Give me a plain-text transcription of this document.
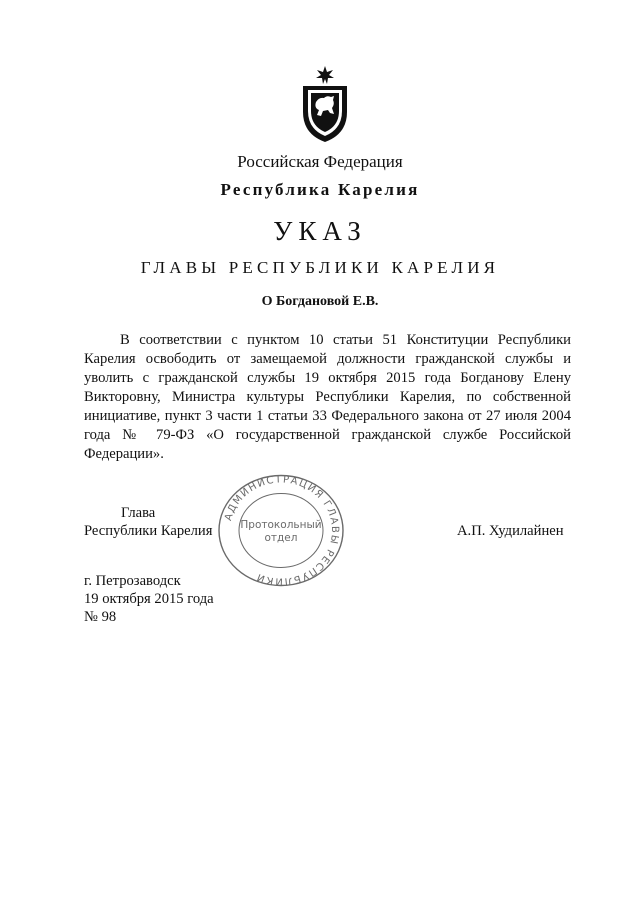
Российская Федерация
Республика Карелия
УКАЗ
ГЛАВЫ РЕСПУБЛИКИ КАРЕЛИЯ
О Богдановой Е.В.

В соответствии с пунктом 10 статьи 51 Конституции Республики Карелия освободить от замещаемой должности гражданской службы и уволить с гражданской службы 19 октября 2015 года Богданову Елену Викторовну, Министра культуры Республики Карелия, по собственной инициативе, пункт 3 части 1 статьи 33 Федерального закона от 27 июля 2004 года № 79-ФЗ «О государственной гражданской службе Российской Федерации».

Глава
Республики Карелия	А.П. Худилайнен
АДМИНИСТРАЦИЯ ГЛАВЫ РЕСПУБЛИКИ
Протокольный
отдел
г. Петрозаводск
19 октября 2015 года
№ 98
